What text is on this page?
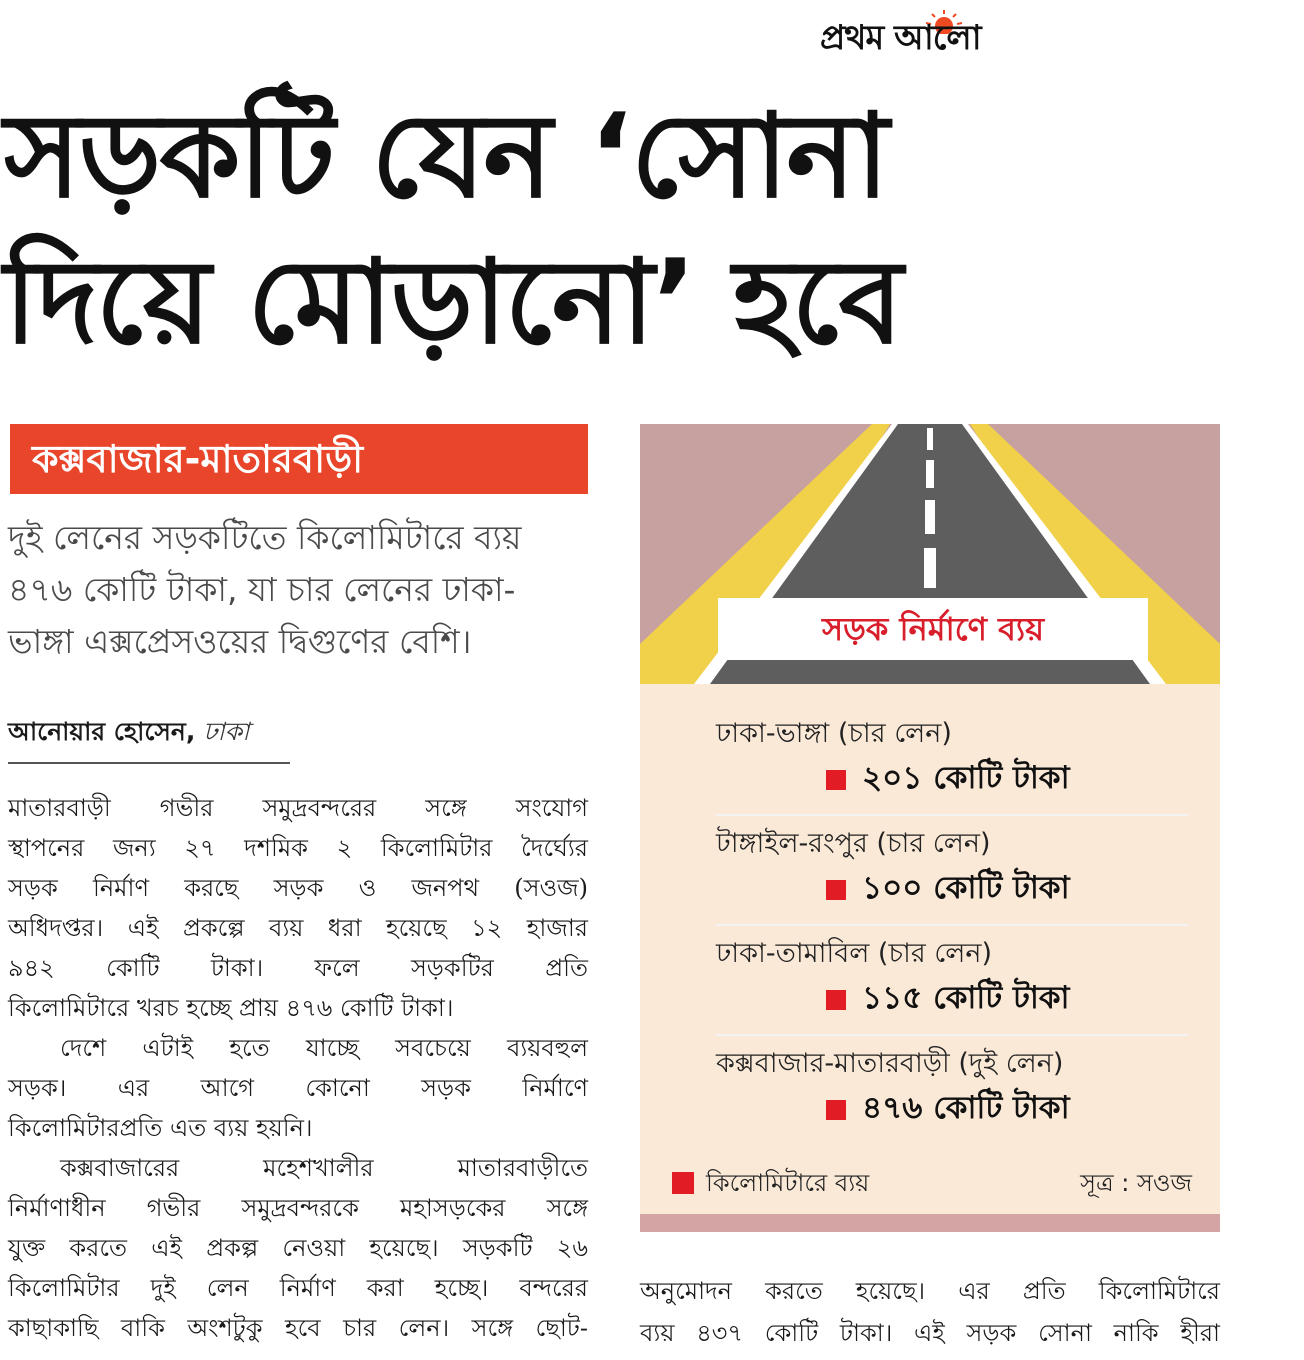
প্রথম আলো
সড়কটি যেন ‘সোনা
দিয়ে মোড়ানো’ হবে
কক্সবাজার-মাতারবাড়ী
দুই লেনের সড়কটিতে কিলোমিটারে ব্যয়
৪৭৬ কোটি টাকা, যা চার লেনের ঢাকা-
ভাঙ্গা এক্সপ্রেসওয়ের দ্বিগুণের বেশি।
আনোয়ার হোসেন, ঢাকা
মাতারবাড়ী গভীর সমুদ্রবন্দরের সঙ্গে সংযোগ
স্থাপনের জন্য ২৭ দশমিক ২ কিলোমিটার দৈর্ঘ্যের
সড়ক নির্মাণ করছে সড়ক ও জনপথ (সওজ)
অধিদপ্তর। এই প্রকল্পে ব্যয় ধরা হয়েছে ১২ হাজার
৯৪২ কোটি টাকা। ফলে সড়কটির প্রতি
কিলোমিটারে খরচ হচ্ছে প্রায় ৪৭৬ কোটি টাকা।
দেশে এটাই হতে যাচ্ছে সবচেয়ে ব্যয়বহুল
সড়ক। এর আগে কোনো সড়ক নির্মাণে
কিলোমিটারপ্রতি এত ব্যয় হয়নি।
কক্সবাজারের মহেশখালীর মাতারবাড়ীতে
নির্মাণাধীন গভীর সমুদ্রবন্দরকে মহাসড়কের সঙ্গে
যুক্ত করতে এই প্রকল্প নেওয়া হয়েছে। সড়কটি ২৬
কিলোমিটার দুই লেন নির্মাণ করা হচ্ছে। বন্দরের
কাছাকাছি বাকি অংশটুকু হবে চার লেন। সঙ্গে ছোট-
সড়ক নির্মাণে ব্যয়
ঢাকা-ভাঙ্গা (চার লেন)
২০১ কোটি টাকা
টাঙ্গাইল-রংপুর (চার লেন)
১০০ কোটি টাকা
ঢাকা-তামাবিল (চার লেন)
১১৫ কোটি টাকা
কক্সবাজার-মাতারবাড়ী (দুই লেন)
৪৭৬ কোটি টাকা
কিলোমিটারে ব্যয়	সূত্র : সওজ
অনুমোদন করতে হয়েছে। এর প্রতি কিলোমিটারে
ব্যয় ৪৩৭ কোটি টাকা। এই সড়ক সোনা নাকি হীরা
